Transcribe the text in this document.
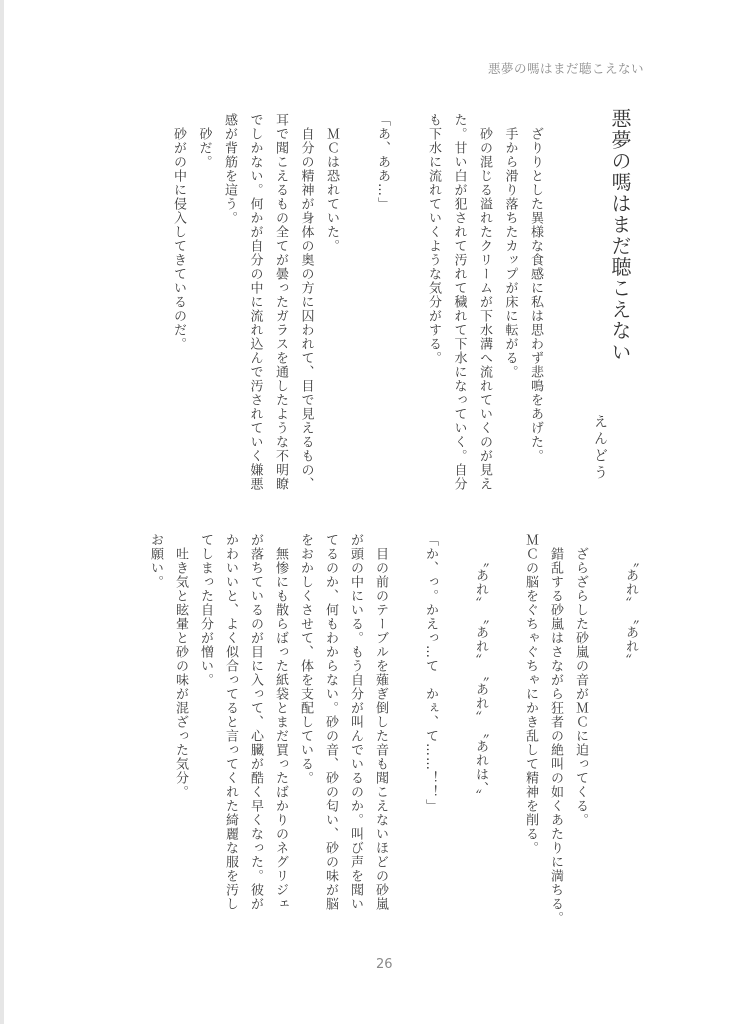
悪夢の嗎はまだ聴こえない
悪夢の嗎はまだ聴こえない
えんどう
　ざりりとした異様な食感に私は思わず悲鳴をあげた。
　手から滑り落ちたカップが床に転がる。
　砂の混じる溢れたクリームが下水溝へ流れていくのが見え
た。甘い白が犯されて汚れて穢れて下水になっていく。自分
も下水に流れていくような気分がする。
「あ、ああ…」
　ＭＣは恐れていた。
　自分の精神が身体の奥の方に囚われて、目で見えるもの、
耳で聞こえるもの全てが曇ったガラスを通したような不明瞭
でしかない。何かが自分の中に流れ込んで汚されていく嫌悪
感が背筋を這う。
　砂だ。
　砂がの中に侵入してきているのだ。
　　〝あれ〟　〝あれ〟
　ざらざらした砂嵐の音がＭＣに迫ってくる。
　錯乱する砂嵐はさながら狂者の絶叫の如くあたりに満ちる。
ＭＣの脳をぐちゃぐちゃにかき乱して精神を削る。
　　〝あれ〟　〝あれ〟　〝あれ〟　〝あれは、〟
「か、っ。かえっ…て　かぇ、て……！！」
　目の前のテーブルを薙ぎ倒した音も聞こえないほどの砂嵐
が頭の中にいる。もう自分が叫んでいるのか。叫び声を聞い
てるのか、何もわからない。砂の音、砂の匂い、砂の味が脳
をおかしくさせて、体を支配している。
　無惨にも散らばった紙袋とまだ買ったばかりのネグリジェ
が落ちているのが目に入って、心臓が酷く早くなった。彼が
かわいいと、よく似合ってると言ってくれた綺麗な服を汚し
てしまった自分が憎い。
　吐き気と眩暈と砂の味が混ざった気分。
お願い。
26
